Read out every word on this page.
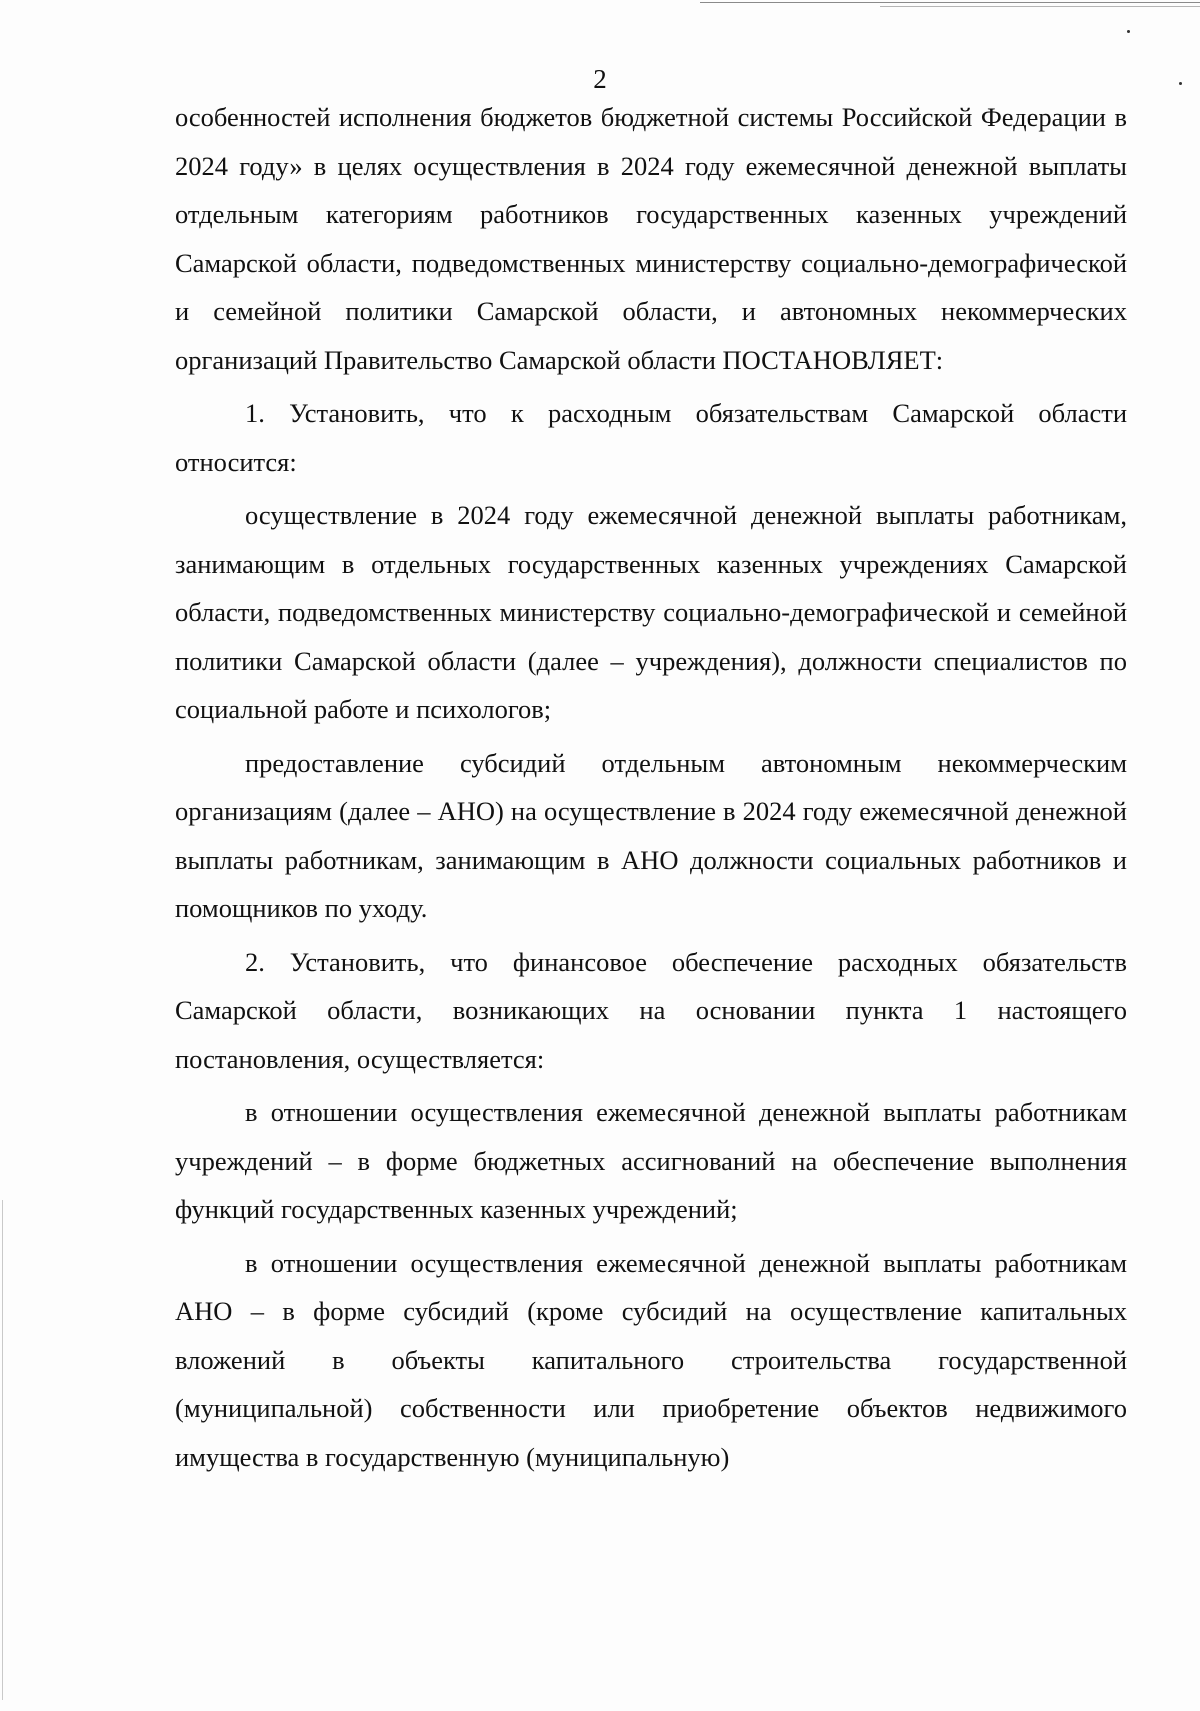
2

особенностей исполнения бюджетов бюджетной системы Российской Федерации в 2024 году» в целях осуществления в 2024 году ежемесячной денежной выплаты отдельным категориям работников государственных казенных учреждений Самарской области, подведомственных министерству социально-демографической и семейной политики Самарской области, и автономных некоммерческих организаций Правительство Самарской области ПОСТАНОВЛЯЕТ:

1. Установить, что к расходным обязательствам Самарской области относится:

осуществление в 2024 году ежемесячной денежной выплаты работникам, занимающим в отдельных государственных казенных учреждениях Самарской области, подведомственных министерству социально-демографической и семейной политики Самарской области (далее – учреждения), должности специалистов по социальной работе и психологов;

предоставление субсидий отдельным автономным некоммерческим организациям (далее – АНО) на осуществление в 2024 году ежемесячной денежной выплаты работникам, занимающим в АНО должности социальных работников и помощников по уходу.

2. Установить, что финансовое обеспечение расходных обязательств Самарской области, возникающих на основании пункта 1 настоящего постановления, осуществляется:

в отношении осуществления ежемесячной денежной выплаты работникам учреждений – в форме бюджетных ассигнований на обеспечение выполнения функций государственных казенных учреждений;

в отношении осуществления ежемесячной денежной выплаты работникам АНО – в форме субсидий (кроме субсидий на осуществление капитальных вложений в объекты капитального строительства государственной (муниципальной) собственности или приобретение объектов недвижимого имущества в государственную (муниципальную)
